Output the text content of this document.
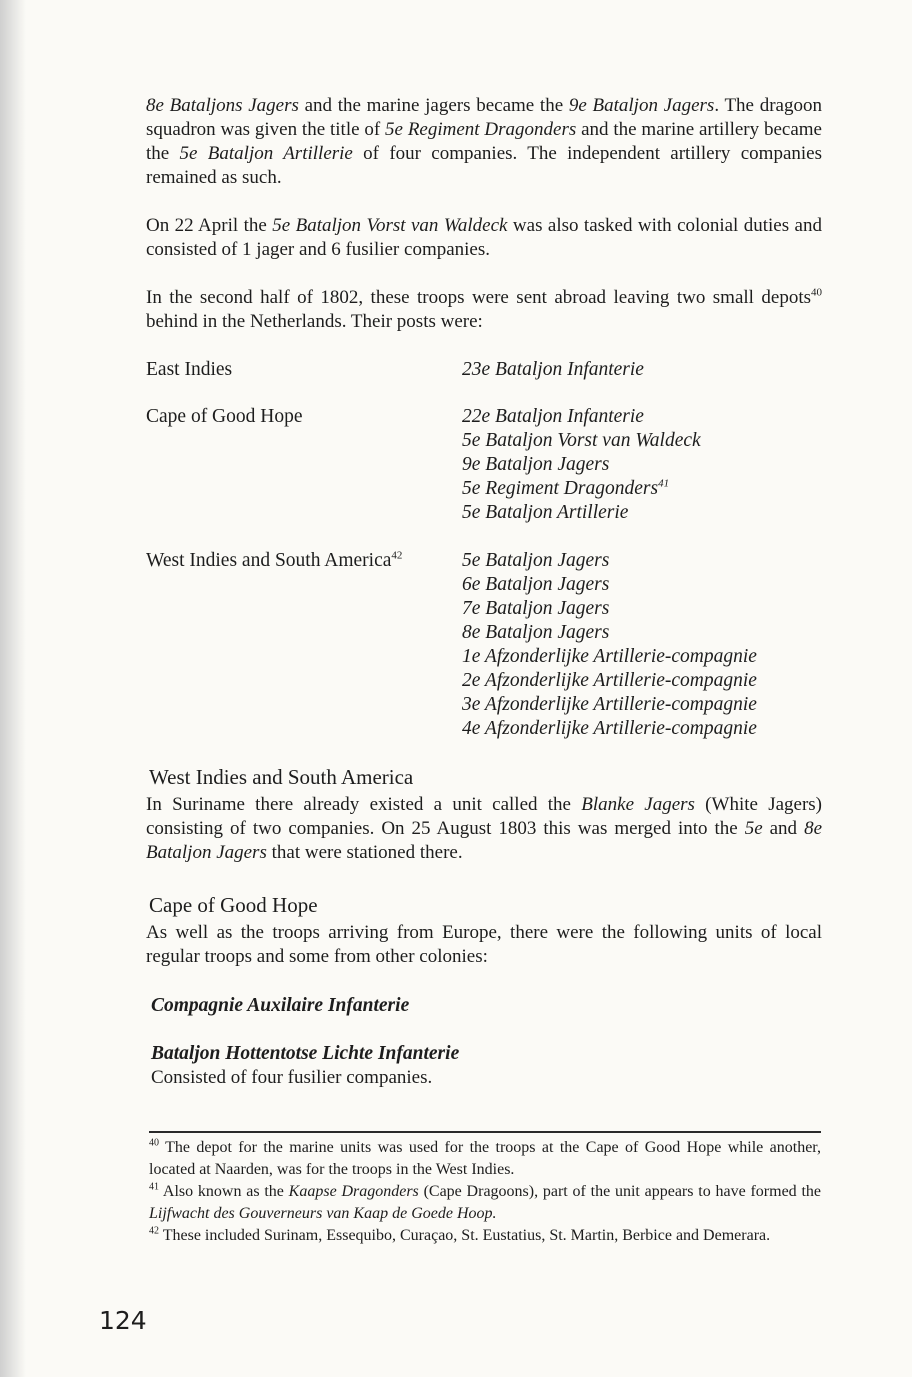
8e Bataljons Jagers and the marine jagers became the 9e Bataljon Jagers. The dragoon squadron was given the title of 5e Regiment Dragonders and the marine artillery became the 5e Bataljon Artillerie of four companies. The independent artillery companies remained as such.
On 22 April the 5e Bataljon Vorst van Waldeck was also tasked with colonial duties and consisted of 1 jager and 6 fusilier companies.
In the second half of 1802, these troops were sent abroad leaving two small depots$^{40}$ behind in the Netherlands. Their posts were:
East Indies	23e Bataljon Infanterie
Cape of Good Hope	22e Bataljon Infanterie
5e Bataljon Vorst van Waldeck
9e Bataljon Jagers
5e Regiment Dragonders$^{41}$
5e Bataljon Artillerie
West Indies and South America$^{42}$	5e Bataljon Jagers
6e Bataljon Jagers
7e Bataljon Jagers
8e Bataljon Jagers
1e Afzonderlijke Artillerie-compagnie
2e Afzonderlijke Artillerie-compagnie
3e Afzonderlijke Artillerie-compagnie
4e Afzonderlijke Artillerie-compagnie
West Indies and South America
In Suriname there already existed a unit called the Blanke Jagers (White Jagers) consisting of two companies. On 25 August 1803 this was merged into the 5e and 8e Bataljon Jagers that were stationed there.
Cape of Good Hope
As well as the troops arriving from Europe, there were the following units of local regular troops and some from other colonies:
Compagnie Auxilaire Infanterie
Bataljon Hottentotse Lichte Infanterie
Consisted of four fusilier companies.
$^{40}$ The depot for the marine units was used for the troops at the Cape of Good Hope while another, located at Naarden, was for the troops in the West Indies.
$^{41}$ Also known as the Kaapse Dragonders (Cape Dragoons), part of the unit appears to have formed the Lijfwacht des Gouverneurs van Kaap de Goede Hoop.
$^{42}$ These included Surinam, Essequibo, Curaçao, St. Eustatius, St. Martin, Berbice and Demerara.
124
